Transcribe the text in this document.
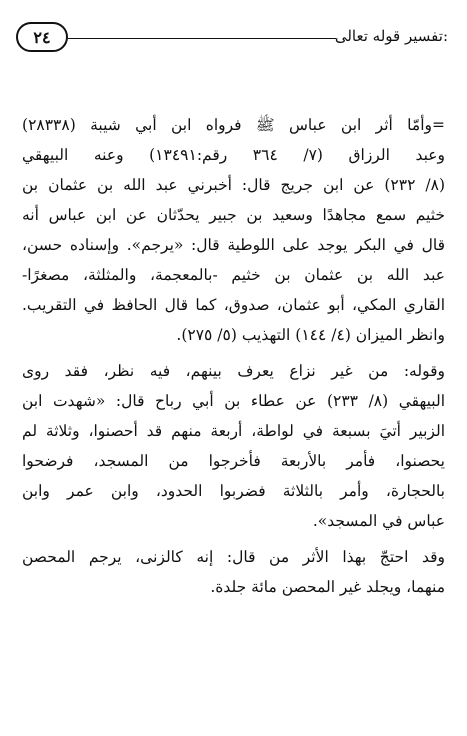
٢٤	تفسير قوله تعالى:
=وأمّا أثر ابن عباس ﷺ فرواه ابن أبي شيبة (٢٨٣٣٨)
وعبد الرزاق (٧/ ٣٦٤ رقم:١٣٤٩١) وعنه البيهقي
(٨/ ٢٣٢) عن ابن جريج قال: أخبرني عبد الله بن عثمان بن
خثيم سمع مجاهدًا وسعيد بن جبير يحدّثان عن ابن عباس أنه
قال في البكر يوجد على اللوطية قال: «يرجم». وإسناده حسن،
عبد الله بن عثمان بن خثيم -بالمعجمة، والمثلثة، مصغرًا-
القاري المكي، أبو عثمان، صدوق، كما قال الحافظ في التقريب.
وانظر الميزان (٤/ ١٤٤) التهذيب (٥/ ٢٧٥).
وقوله: من غير نزاع يعرف بينهم، فيه نظر، فقد روى
البيهقي (٨/ ٢٣٣) عن عطاء بن أبي رباح قال: «شهدت ابن
الزبير أتيَ بسبعة في لواطة، أربعة منهم قد أحصنوا، وثلاثة لم
يحصنوا، فأمر بالأربعة فأخرجوا من المسجد، فرضحوا
بالحجارة، وأمر بالثلاثة فضربوا الحدود، وابن عمر وابن
عباس في المسجد».
وقد احتجّ بهذا الأثر من قال: إنه كالزنى، يرجم المحصن
منهما، ويجلد غير المحصن مائة جلدة.
